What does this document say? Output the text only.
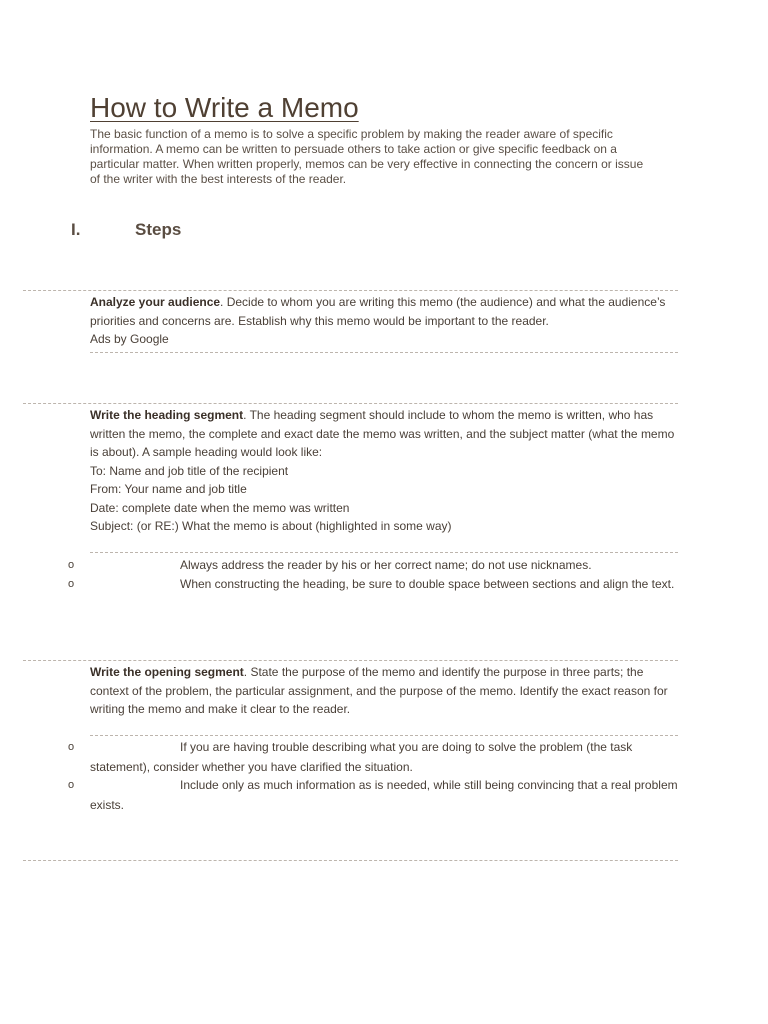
How to Write a Memo

The basic function of a memo is to solve a specific problem by making the reader aware of specific information. A memo can be written to persuade others to take action or give specific feedback on a particular matter. When written properly, memos can be very effective in connecting the concern or issue of the writer with the best interests of the reader.

I.	Steps

Analyze your audience. Decide to whom you are writing this memo (the audience) and what the audience’s priorities and concerns are. Establish why this memo would be important to the reader.

Ads by Google

Write the heading segment. The heading segment should include to whom the memo is written, who has written the memo, the complete and exact date the memo was written, and the subject matter (what the memo is about). A sample heading would look like:

To: Name and job title of the recipient

From: Your name and job title

Date: complete date when the memo was written

Subject: (or RE:) What the memo is about (highlighted in some way)

o	Always address the reader by his or her correct name; do not use nicknames.

o	When constructing the heading, be sure to double space between sections and align the text.

Write the opening segment. State the purpose of the memo and identify the purpose in three parts; the context of the problem, the particular assignment, and the purpose of the memo. Identify the exact reason for writing the memo and make it clear to the reader.

o	If you are having trouble describing what you are doing to solve the problem (the task statement), consider whether you have clarified the situation.

o	Include only as much information as is needed, while still being convincing that a real problem exists.
